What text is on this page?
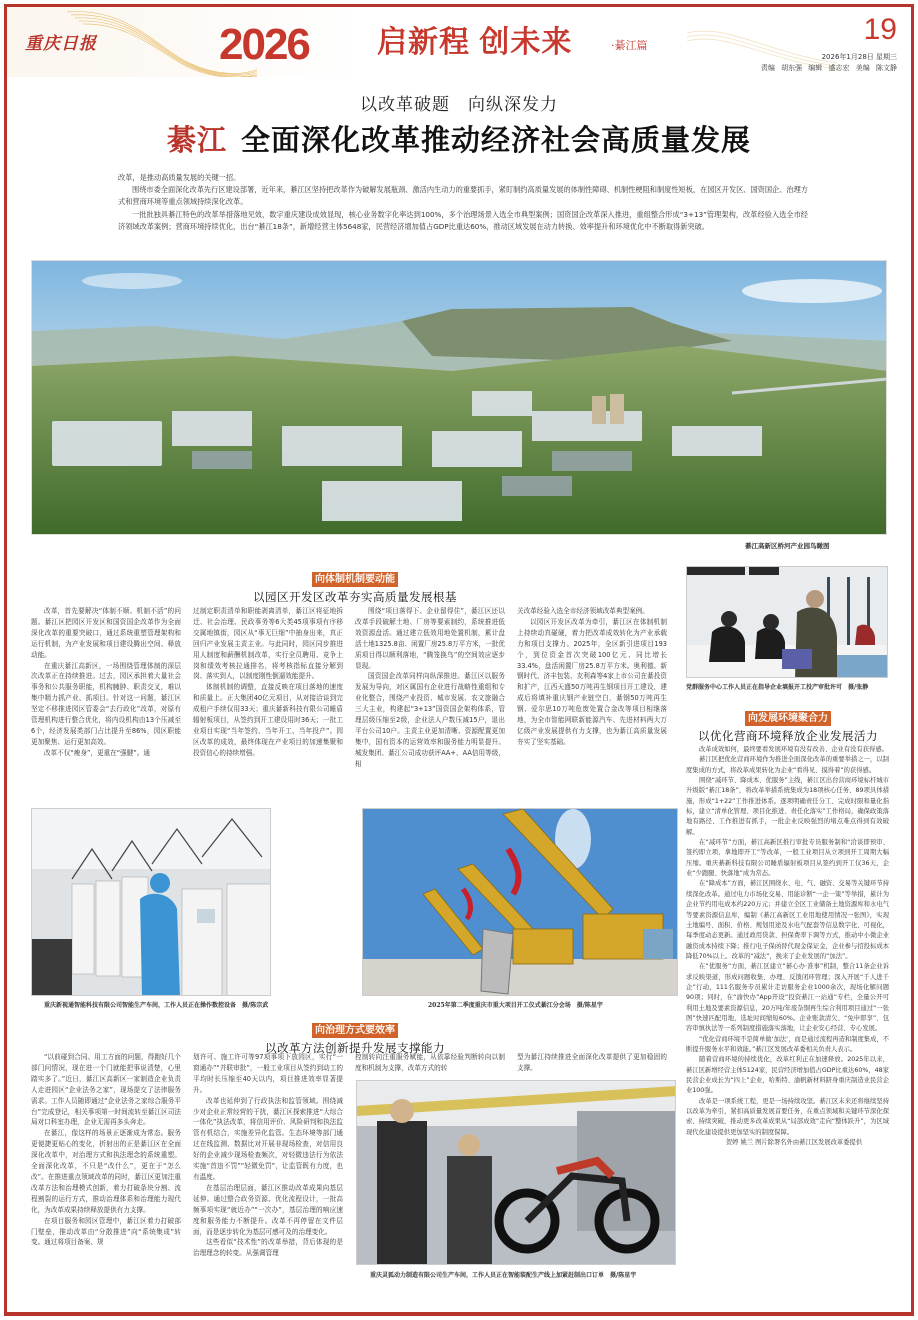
重庆日报	2026 启新程 创未来	·綦江篇	19
2026年1月28日 星期三
责编 胡东强 编辑 盛志宏 美编 陈文静
以改革破题　向纵深发力
綦江 全面深化改革推动经济社会高质量发展

改革，是推动高质量发展的关键一招。

围绕市委全面深化改革先行区建设部署，近年来，綦江区坚持把改革作为破解发展瓶颈、激活内生动力的重要抓手，紧盯制约高质量发展的体制性障碍、机制性梗阻和制度性短板，在园区开发区、国资国企、治理方式和营商环境等重点领域持续深化改革。

一批批独具綦江特色的改革举措落地见效，数字重庆建设成效显现，核心业务数字化率达到100%，多个治理场景入选全市典型案例；国资国企改革深入推进，重组整合形成“3+13”管理架构，改革经验入选全市经济领域改革案例；营商环境持续优化，出台“綦江18条”，新增经营主体5648家，民营经济增加值占GDP比重达60%，推动区域发展在动力转换、效率提升和环境优化中不断取得新突破。

綦江高新区桥河产业园鸟瞰图
向体制机制要动能
以园区开发区改革夯实高质量发展根基

改革，首先要解决“体制不顺、机制不活”的问题。綦江区把园区开发区和国资国企改革作为全面深化改革的重要突破口，通过系统重塑管理架构和运行机制，为产业发展和项目建设腾出空间、释放动能。

在重庆綦江高新区，一场围绕管理体制的深层次改革正在持续推进。过去，园区承担着大量社会事务和公共服务职能，机构臃肿、职责交叉，难以集中精力抓产业、抓项目。针对这一问题，綦江区坚定不移推进园区管委会“去行政化”改革，对原有管理机构进行整合优化，将内设机构由13个压减至6个，经济发展类部门占比提升至86%，园区职能更加聚焦、运行更加高效。

改革不仅“瘦身”，更重在“强腱”。通

过制定职责清单和职能剥离清单，綦江区将征地拆迁、社会治理、民政事务等6大类45项事项有序移交属地镇街，园区从“事无巨细”中抽身出来，真正回归产业发展主责主业。与此同时，园区同步推进用人制度和薪酬机制改革，实行全员聘用、竞争上岗和绩效考核拉通排名，将考核指标直接分解到岗、落实到人，以制度刚性倒逼效能提升。

体制机制的调整，直接反映在项目落地的速度和质量上。正大集团40亿元项目，从对接洽谈到完成租户手续仅用33天；重庆綦新科技有限公司睡盾辐射板项目，从签约到开工建设用时36天；一批工业项目实现“当年签约、当年开工、当年投产”。园区改革的成效，最终体现在产业项目的加速集聚和投资信心的持续增强。

围绕“项目落得下、企业留得住”，綦江区还以改革手段破解土地、厂房等要素制约，系统推进低效资源盘活。通过建立低效用地处置机制，累计盘活土地1325.8亩、闲置厂房25.8万平方米，一批优质项目得以顺利落地，“腾笼换鸟”的空间效应逐步显现。

国资国企改革同样向纵深推进。綦江区以服务发展为导向，对区属国有企业进行战略性重组和专业化整合，围绕产业投资、城市发展、农文旅融合三大主业，构建起“3+13”国资国企架构体系，管理层级压缩至2级，企业法人户数压减15户，退出平台公司10户。主责主业更加清晰、资源配置更加集中，国有资本的运营效率和服务能力明显提升。城发集团、綦江公司成功获评AA+、AA信用等级，相

关改革经验入选全市经济领域改革典型案例。

以园区开发区改革为牵引，綦江区在体制机制上持续动真碰硬，着力把改革成效转化为产业承载力和项目支撑力。2025年，全区新引进项目193个，到位资金首次突破100亿元、同比增长33.4%，盘活闲置厂房25.8万平方米。奥利德、新钢时代、济丰包装、友利森等4家上市公司在綦投资和扩产，江西天盛50万吨再生钢项目开工建设，建成后将填补重庆钢产业链空白，綦钢50万吨再生钢、爱尔思10万吨危废处置合金改等项目相继落地，为全市智能网联新能源汽车、先进材料两大万亿级产业发展提供有力支撑，也为綦江高质量发展夯实了坚实基础。

重庆新视通智能科技有限公司智能生产车间，工作人员正在操作数控设备　摄/陈宗武	2025年第二季度重庆市重大项目开工仪式綦江分会场　摄/陈星宇
向治理方式要效率
以改革方法创新提升发展支撑能力

“以前碰到合同、用工方面的问题，得跑好几个部门问情况，现在进一个门就能把事说清楚，心里踏实多了。”近日，綦江区高新区一家制造企业负责人走进园区“企业法务之家”，现场提交了法律服务需求。工作人员随即通过“企业法务之家综合服务平台”完成登记，相关事项第一时间流转至綦江区司法局对口科室办理，企业无需再多头奔走。

在綦江，像这样的场景正逐渐成为常态。服务更便捷更贴心的变化，折射出的正是綦江区在全面深化改革中，对治理方式和执法理念的系统重塑。全面深化改革，不只是“改什么”，更在于“怎么改”。在推进重点领域改革的同时，綦江区更加注重改革方法和治理模式创新，着力打破条块分割、流程割裂的运行方式，推动治理体系和治理能力现代化，为改革成果持续释放提供有力支撑。

在项目服务和园区管理中，綦江区着力打破部门壁垒，推动改革由“分散推进”向“系统集成”转变。通过将项目备案、规

划许可、施工许可等97项事项下放园区，实行“一窗通办”“并联审批”，一般工业项目从签约到动工的平均时长压缩至40天以内，项目推进效率显著提升。

改革也延伸到了行政执法和监管领域。围绕减少对企业正常经营的干扰，綦江区探索推进“大综合一体化”执法改革，将信用评价、风险研判和执法监管有机结合，实施差异化监管。生态环境等部门通过在线监测、数据比对开展非现场检查，对信用良好的企业减少现场检查频次，对轻微违法行为依法实施“首违不罚”“轻微免罚”，让监管既有力度，也有温度。

在基层治理层面，綦江区推动改革成果向基层延伸。通过整合政务资源、优化流程设计，一批高频事项实现“就近办”“一次办”，基层治理的响应速度和服务能力不断提升。改革不再停留在文件层面，而是逐步转化为基层可感可及的治理变化。

这些看似“技术性”的改革举措，背后体现的是治理理念的转变。从强调管理

控制转向注重服务赋能，从依靠经验判断转向以制度和机制为支撑，改革方式的转

型为綦江持续推进全面深化改革提供了更加稳固的支撑。

重庆灵狐动力制造有限公司生产车间，工作人员正在智能装配生产线上加紧赶制出口订单　摄/陈星宇
党群服务中心工作人员正在指导企业填报开工投产审批许可　摄/张静
向发展环境聚合力
以优化营商环境释放企业发展活力

改革成效如何，最终要看发展环境有没有改善、企业有没有获得感。

綦江区把优化营商环境作为推进全面深化改革的重要举措之一，以制度集成的方式，将改革成果转化为企业“看得见、摸得着”的获得感。

围绕“减环节、降成本、优服务”主线，綦江区出台营商环境标杆城市升级版“綦江18条”，将改革举措系统集成为18项核心任务、89项具体措施，形成“1+22”工作推进体系。逐项明确责任分工、完成时限和量化指标，建立“清单化管理、项目化推进、责任化落实”工作格局，确保政策落地有路径、工作推进有抓手，一批企业反映强烈的堵点难点得到有效破解。

在“减环节”方面，綦江高新区推行审批专员服务制和“洽谈即预审、签约即立项、拿地即开工”等改革，一般工业项目从立项到开工周期大幅压缩。重庆綦新科技有限公司睡盾辐射板项目从签约到开工仅36天，企业“少跑腿、快落地”成为常态。

在“降成本”方面，綦江区围绕水、电、气、融资、交易等关键环节持续深化改革。通过电力市场化交易、用能诊断“一企一策”等举措，累计为企业节约用电成本约220万元；并建立全区工业储备土地资源库和水电气等要素资源信息库，编制《綦江高新区工业用地使用情况一张图》，实现土地编号、面积、价格、规划用途及水电气配套等信息数字化、可视化，每季度动态更新。通过政用贷款、担保费率下调等方式，推动中小微企业融资成本持续下降；推行电子保函替代现金保证金，企业参与招投标成本降低70%以上。改革的“减法”，换来了企业发展的“加法”。

在“优服务”方面，綦江区建立“綦心办·准事”机制，整合11条企业诉求反映渠道，形成问题收集、办理、反馈闭环管理；深入开展“千人进千企”行动，111名服务专员累计走访服务企业1000余次，现场化解问题90项；同时，在“渝快办”App开设“投资綦江一站通”专栏，全量公开可利用土地及要素资源信息，20万吨/年废杂铜再生综合利用项目通过“一张图”快速匹配用地，选址时间缩短60%。企业账款清欠、“免申即享”、包容审慎执法等一系列制度措施落实落地，让企业安心经营、专心发展。

“优化营商环境不是简单做‘加法’，而是通过流程再造和制度集成，不断提升服务水平和效能。”綦江区发展改革委相关负责人表示。

随着营商环境的持续优化，改革红利正在加速释放。2025年以来，綦江区新增经营主体5124家，民营经济增加值占GDP比重达60%，48家民营企业成长为“四上”企业，哈斯特、渝帆新材料跻身重庆制造业民营企业100强。

改革是一项系统工程，更是一场持续攻坚。綦江区未来还将继续坚持以改革为牵引，紧扣高质量发展首要任务，在重点领域和关键环节深化探索、持续突破，推动更多改革成果从“局部成效”走向“整体跃升”，为区域现代化建设提供更加坚实的制度保障。

贺婷 姚兰 图片除署名外由綦江区发展改革委提供
